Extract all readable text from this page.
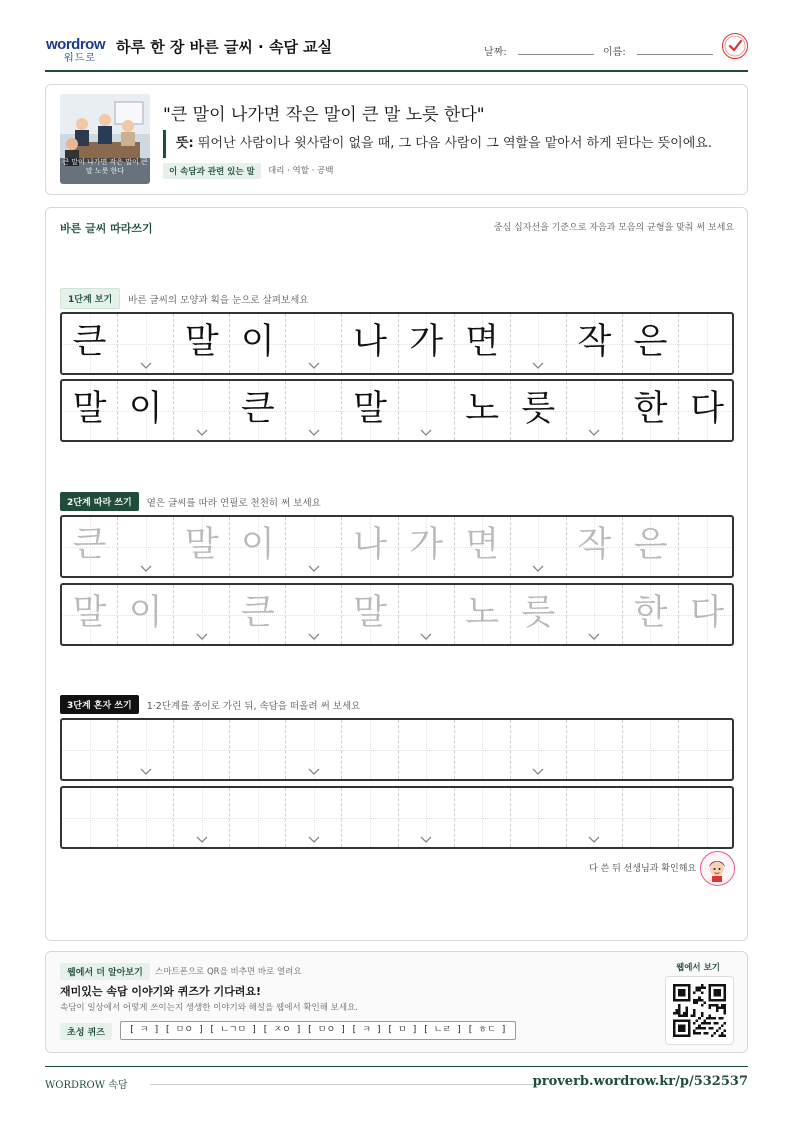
wordrow
워드로
하루 한 장 바른 글씨 · 속담 교실	날짜:	이름:
큰 말이 나가면 작은 말이 큰 말 노릇 한다
"큰 말이 나가면 작은 말이 큰 말 노릇 한다"
뜻: 뛰어난 사람이나 윗사람이 없을 때, 그 다음 사람이 그 역할을 맡아서 하게 된다는 뜻이에요.
이 속담과 관련 있는 말	대리 · 역할 · 공백
바른 글씨 따라쓰기	중심 십자선을 기준으로 자음과 모음의 균형을 맞춰 써 보세요
1단계 보기	바른 글씨의 모양과 획을 눈으로 살펴보세요
큰	말 이	나 가 면	작 은
말 이	큰	말	노 릇	한 다
2단계 따라 쓰기	옅은 글씨를 따라 연필로 천천히 써 보세요
큰	말 이	나 가 면	작 은
말 이	큰	말	노 릇	한 다
3단계 혼자 쓰기	1·2단계를 종이로 가린 뒤, 속담을 떠올려 써 보세요
다 쓴 뒤 선생님과 확인해요
웹에서 더 알아보기	스마트폰으로 QR을 비추면 바로 열려요
재미있는 속담 이야기와 퀴즈가 기다려요!
속담이 일상에서 어떻게 쓰이는지 생생한 이야기와 해설을 웹에서 확인해 보세요.
초성 퀴즈	[ ㅋ ] [ ㅁㅇ ] [ ㄴㄱㅁ ] [ ㅈㅇ ] [ ㅁㅇ ] [ ㅋ ] [ ㅁ ] [ ㄴㄹ ] [ ㅎㄷ ]
웹에서 보기
WORDROW 속담	proverb.wordrow.kr/p/532537
